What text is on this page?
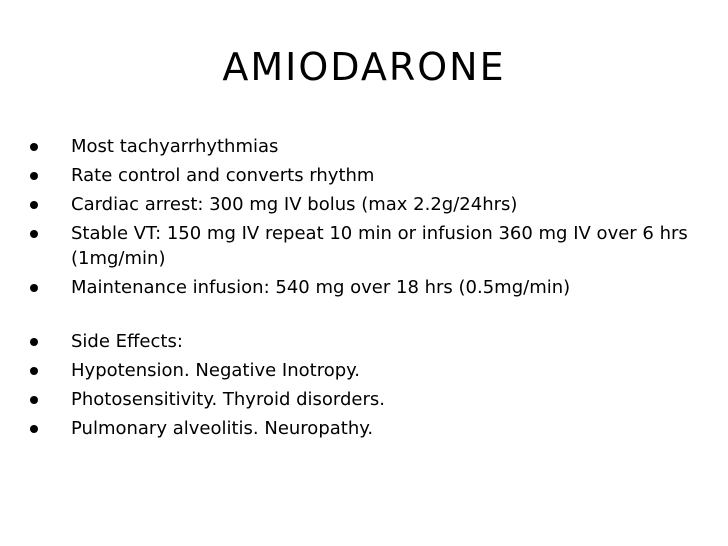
AMIODARONE
Most tachyarrhythmias
Rate control and converts rhythm
Cardiac arrest: 300 mg IV bolus (max 2.2g/24hrs)
Stable VT: 150 mg IV repeat 10 min or infusion 360 mg IV over 6 hrs (1mg/min)
Maintenance infusion: 540 mg over 18 hrs (0.5mg/min)
Side Effects:
Hypotension. Negative Inotropy.
Photosensitivity. Thyroid disorders.
Pulmonary alveolitis. Neuropathy.
